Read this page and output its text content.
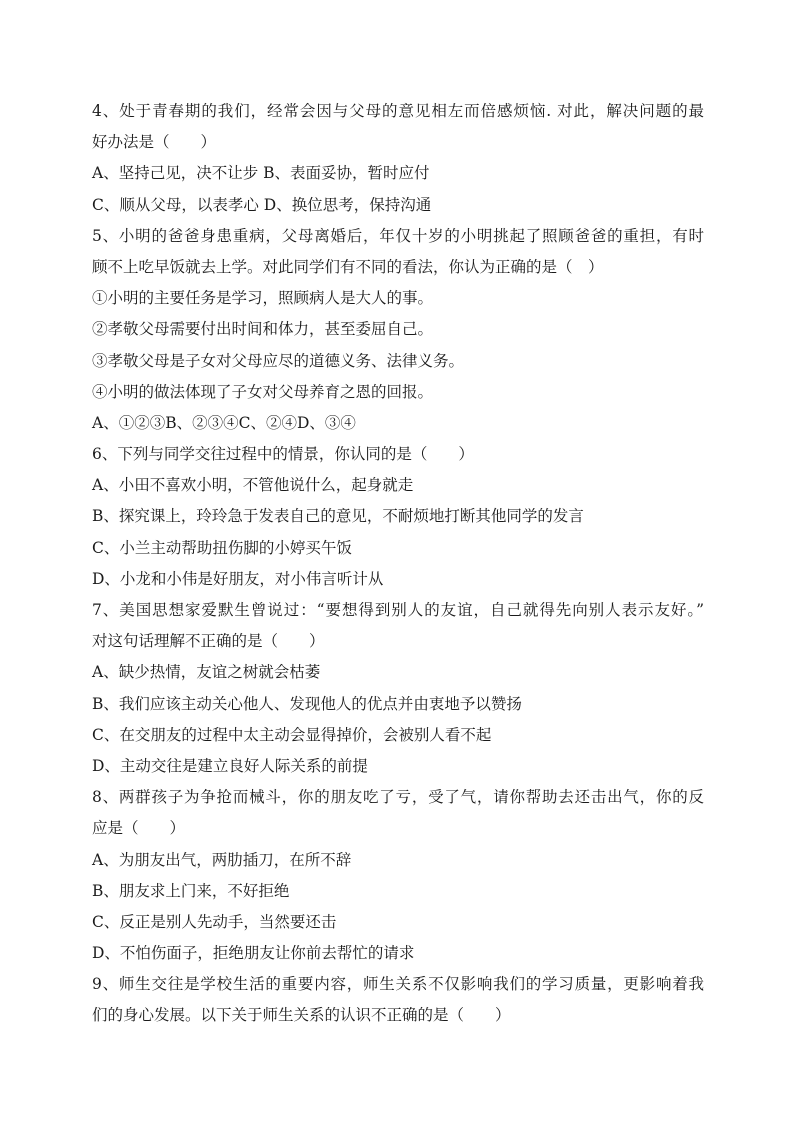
4、处于青春期的我们，经常会因与父母的意见相左而倍感烦恼. 对此，解决问题的最
好办法是（　　）
A、坚持己见，决不让步 B、表面妥协，暂时应付
C、顺从父母，以表孝心 D、换位思考，保持沟通
5、小明的爸爸身患重病，父母离婚后，年仅十岁的小明挑起了照顾爸爸的重担，有时
顾不上吃早饭就去上学。对此同学们有不同的看法，你认为正确的是（　）
①小明的主要任务是学习，照顾病人是大人的事。
②孝敬父母需要付出时间和体力，甚至委屈自己。
③孝敬父母是子女对父母应尽的道德义务、法律义务。
④小明的做法体现了子女对父母养育之恩的回报。
A、①②③B、②③④C、②④D、③④
6、下列与同学交往过程中的情景，你认同的是（　　）
A、小田不喜欢小明，不管他说什么，起身就走
B、探究课上，玲玲急于发表自己的意见，不耐烦地打断其他同学的发言
C、小兰主动帮助扭伤脚的小婷买午饭
D、小龙和小伟是好朋友，对小伟言听计从
7、美国思想家爱默生曾说过：“要想得到别人的友谊，自己就得先向别人表示友好。”
对这句话理解不正确的是（　　）
A、缺少热情，友谊之树就会枯萎
B、我们应该主动关心他人、发现他人的优点并由衷地予以赞扬
C、在交朋友的过程中太主动会显得掉价，会被别人看不起
D、主动交往是建立良好人际关系的前提
8、两群孩子为争抢而械斗，你的朋友吃了亏，受了气，请你帮助去还击出气，你的反
应是（　　）
A、为朋友出气，两肋插刀，在所不辞
B、朋友求上门来，不好拒绝
C、反正是别人先动手，当然要还击
D、不怕伤面子，拒绝朋友让你前去帮忙的请求
9、师生交往是学校生活的重要内容，师生关系不仅影响我们的学习质量，更影响着我
们的身心发展。以下关于师生关系的认识不正确的是（　　）
